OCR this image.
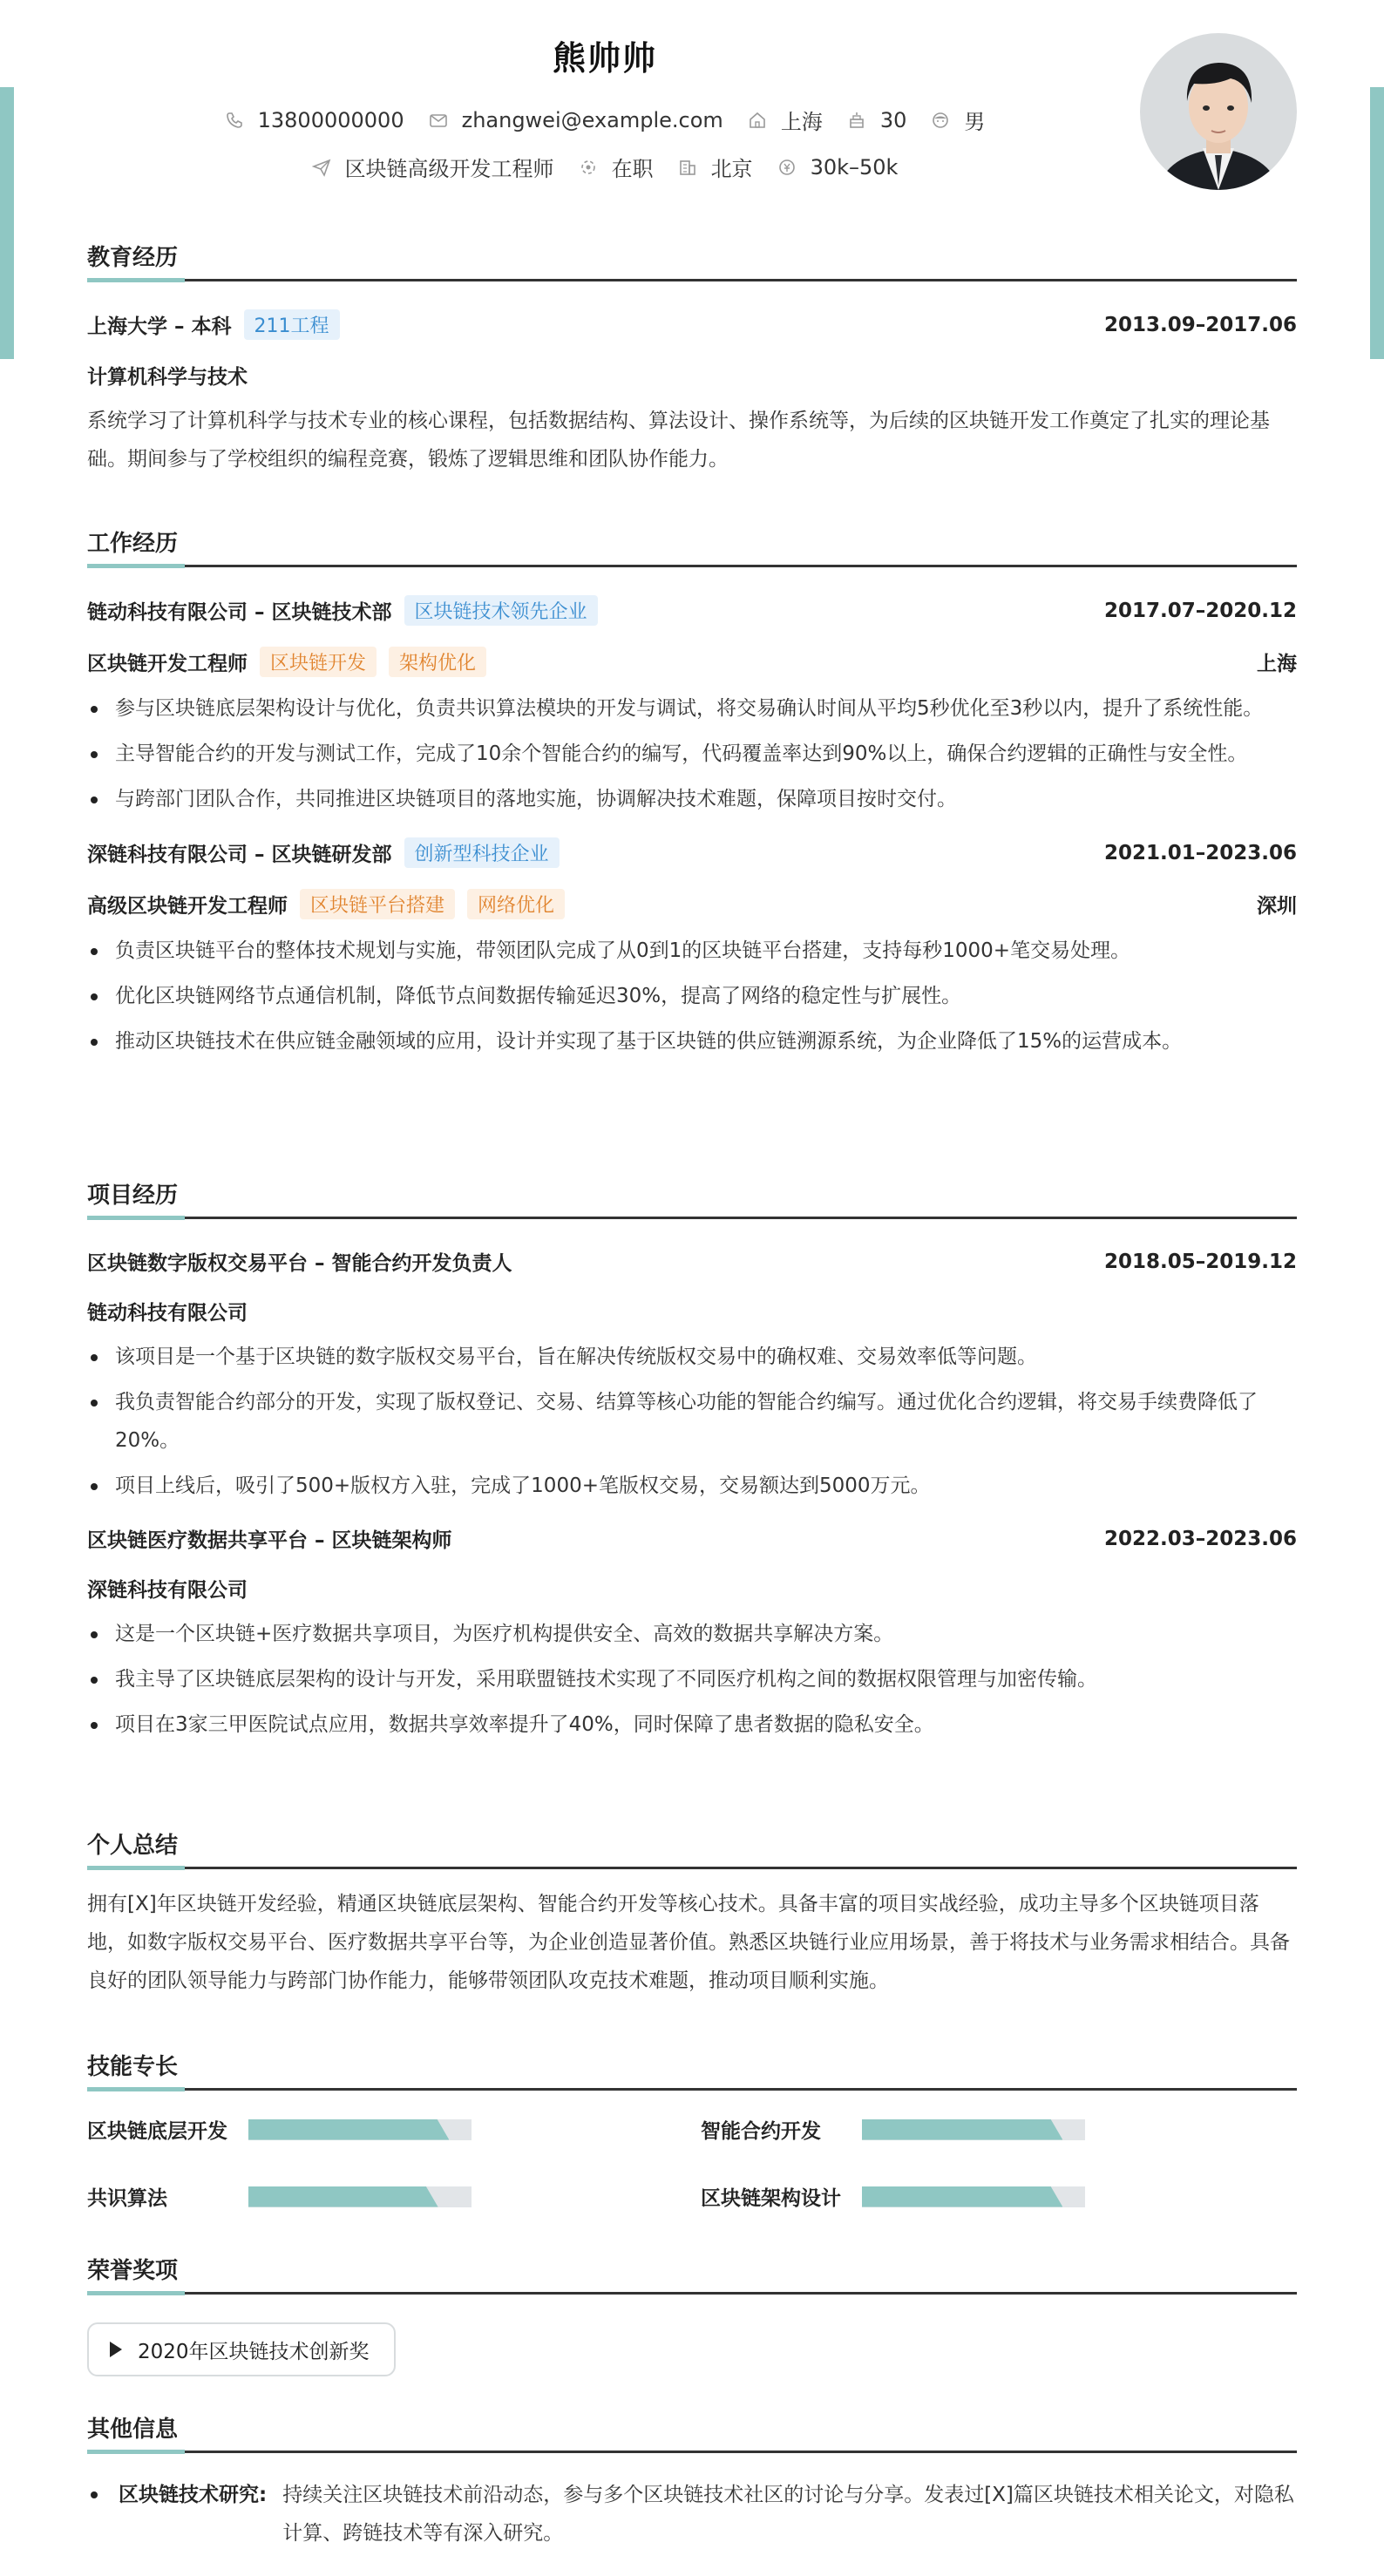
熊帅帅
13800000000	zhangwei@example.com	上海	30	男
区块链高级开发工程师	在职	北京	30k–50k
教育经历
上海大学 – 本科	211工程	2013.09–2017.06
计算机科学与技术
系统学习了计算机科学与技术专业的核心课程，包括数据结构、算法设计、操作系统等，为后续的区块链开发工作奠定了扎实的理论基础。期间参与了学校组织的编程竞赛，锻炼了逻辑思维和团队协作能力。
工作经历
链动科技有限公司 – 区块链技术部	区块链技术领先企业	2017.07–2020.12
区块链开发工程师	区块链开发	架构优化	上海
参与区块链底层架构设计与优化，负责共识算法模块的开发与调试，将交易确认时间从平均5秒优化至3秒以内，提升了系统性能。
主导智能合约的开发与测试工作，完成了10余个智能合约的编写，代码覆盖率达到90%以上，确保合约逻辑的正确性与安全性。
与跨部门团队合作，共同推进区块链项目的落地实施，协调解决技术难题，保障项目按时交付。
深链科技有限公司 – 区块链研发部	创新型科技企业	2021.01–2023.06
高级区块链开发工程师	区块链平台搭建	网络优化	深圳
负责区块链平台的整体技术规划与实施，带领团队完成了从0到1的区块链平台搭建，支持每秒1000+笔交易处理。
优化区块链网络节点通信机制，降低节点间数据传输延迟30%，提高了网络的稳定性与扩展性。
推动区块链技术在供应链金融领域的应用，设计并实现了基于区块链的供应链溯源系统，为企业降低了15%的运营成本。
项目经历
区块链数字版权交易平台 – 智能合约开发负责人	2018.05–2019.12
链动科技有限公司
该项目是一个基于区块链的数字版权交易平台，旨在解决传统版权交易中的确权难、交易效率低等问题。
我负责智能合约部分的开发，实现了版权登记、交易、结算等核心功能的智能合约编写。通过优化合约逻辑，将交易手续费降低了20%。
项目上线后，吸引了500+版权方入驻，完成了1000+笔版权交易，交易额达到5000万元。
区块链医疗数据共享平台 – 区块链架构师	2022.03–2023.06
深链科技有限公司
这是一个区块链+医疗数据共享项目，为医疗机构提供安全、高效的数据共享解决方案。
我主导了区块链底层架构的设计与开发，采用联盟链技术实现了不同医疗机构之间的数据权限管理与加密传输。
项目在3家三甲医院试点应用，数据共享效率提升了40%，同时保障了患者数据的隐私安全。
个人总结
拥有[X]年区块链开发经验，精通区块链底层架构、智能合约开发等核心技术。具备丰富的项目实战经验，成功主导多个区块链项目落地，如数字版权交易平台、医疗数据共享平台等，为企业创造显著价值。熟悉区块链行业应用场景，善于将技术与业务需求相结合。具备良好的团队领导能力与跨部门协作能力，能够带领团队攻克技术难题，推动项目顺利实施。
技能专长
区块链底层开发	智能合约开发
共识算法	区块链架构设计
荣誉奖项
2020年区块链技术创新奖
其他信息
区块链技术研究: 持续关注区块链技术前沿动态，参与多个区块链技术社区的讨论与分享。发表过[X]篇区块链技术相关论文，对隐私计算、跨链技术等有深入研究。
